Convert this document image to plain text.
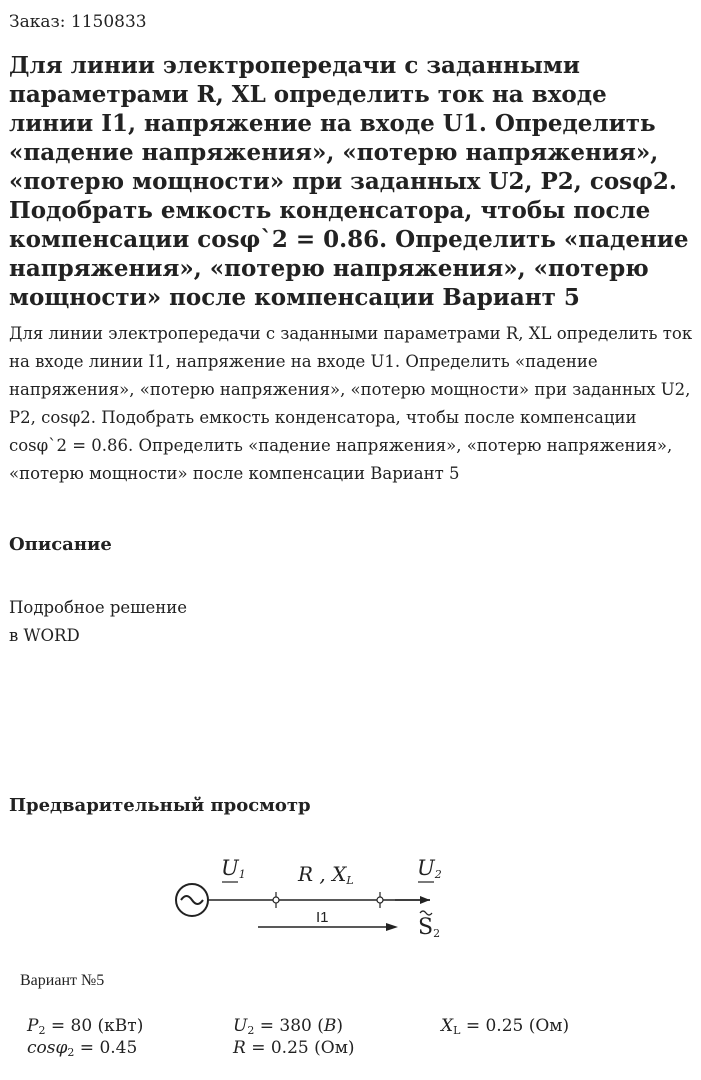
Заказ: 1150833
Для линии электропередачи с заданными параметрами R, XL определить ток на входе линии I1, напряжение на входе U1. Определить «падение напряжения», «потерю напряжения», «потерю мощности» при заданных U2, P2, cosφ2. Подобрать емкость конденсатора, чтобы после компенсации cosφ`2 = 0.86. Определить «падение напряжения», «потерю напряжения», «потерю мощности» после компенсации Вариант 5

Для линии электропередачи с заданными параметрами R, XL определить ток на входе линии I1, напряжение на входе U1. Определить «падение напряжения», «потерю напряжения», «потерю мощности» при заданных U2, P2, cosφ2. Подобрать емкость конденсатора, чтобы после компенсации cosφ`2 = 0.86. Определить «падение напряжения», «потерю напряжения», «потерю мощности» после компенсации Вариант 5

Описание
Подробное решение
в WORD
Предварительный просмотр
$U_1$	R , $X_L$
$U_2$
I1	$S_2$
Вариант №5
$P_2 = 80$ (кВт)	$U_2 = 380$ (B)	$X_L = 0.25$ (Ом)
cosφ$_2$ = 0.45	R = 0.25 (Ом)
